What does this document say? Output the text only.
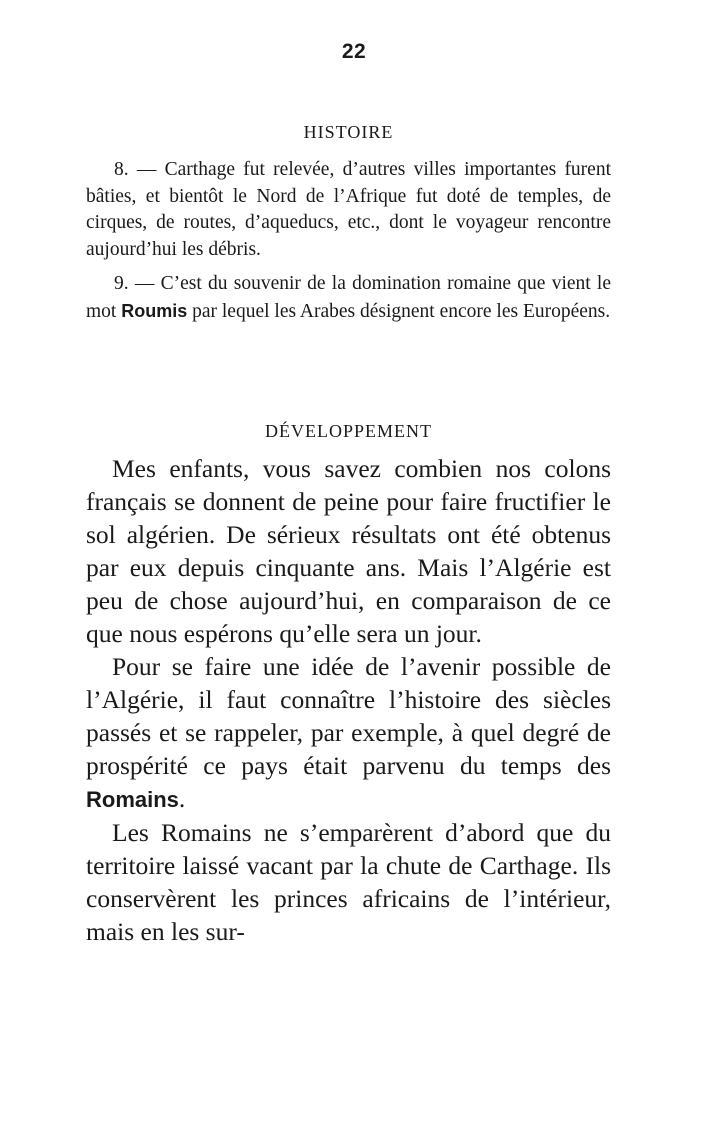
22
HISTOIRE

8. — Carthage fut relevée, d’autres villes importantes furent bâties, et bientôt le Nord de l’Afrique fut doté de temples, de cirques, de routes, d’aqueducs, etc., dont le voyageur rencontre aujourd’hui les débris.

9. — C’est du souvenir de la domination romaine que vient le mot Roumis par lequel les Arabes désignent encore les Européens.

DÉVELOPPEMENT

Mes enfants, vous savez combien nos colons français se donnent de peine pour faire fructifier le sol algérien. De sérieux résultats ont été obtenus par eux depuis cinquante ans. Mais l’Algérie est peu de chose aujourd’hui, en comparaison de ce que nous espérons qu’elle sera un jour.

Pour se faire une idée de l’avenir possible de l’Algérie, il faut connaître l’histoire des siècles passés et se rappeler, par exemple, à quel degré de prospérité ce pays était parvenu du temps des Romains.

Les Romains ne s’emparèrent d’abord que du territoire laissé vacant par la chute de Carthage. Ils conservèrent les princes africains de l’intérieur, mais en les sur-
